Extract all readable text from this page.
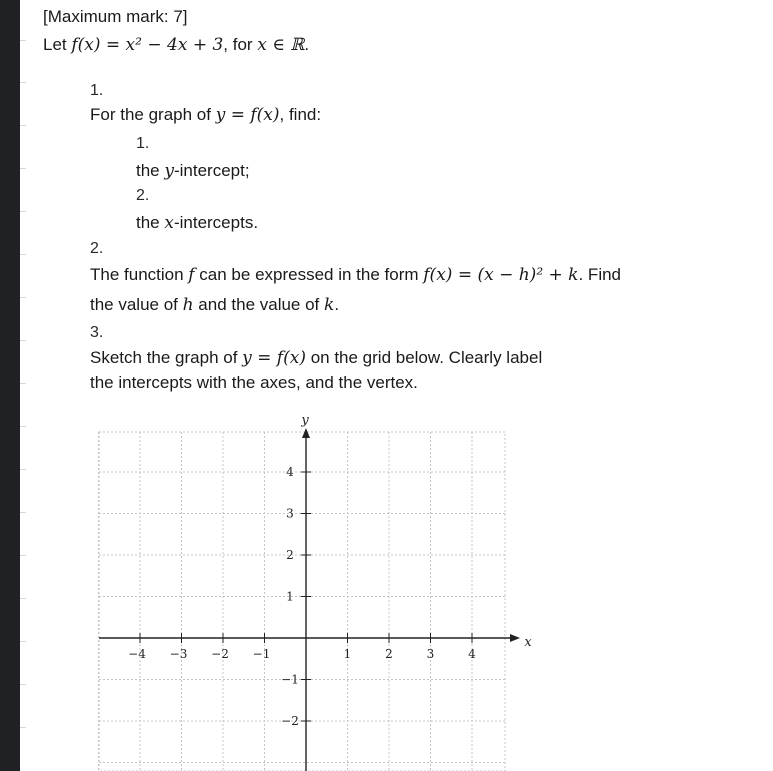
[Maximum mark: 7]
Let f(x) = x² − 4x + 3, for x ∈ ℝ.
1.
For the graph of y = f(x), find:
1.
the y-intercept;
2.
the x-intercepts.
2.
The function f can be expressed in the form f(x) = (x − h)² + k. Find
the value of h and the value of k.
3.
Sketch the graph of y = f(x) on the grid below. Clearly label
the intercepts with the axes, and the vertex.
−4 −3 −2 −1	1	2	3	4
4
3
2
1
−1
−2
y
x
